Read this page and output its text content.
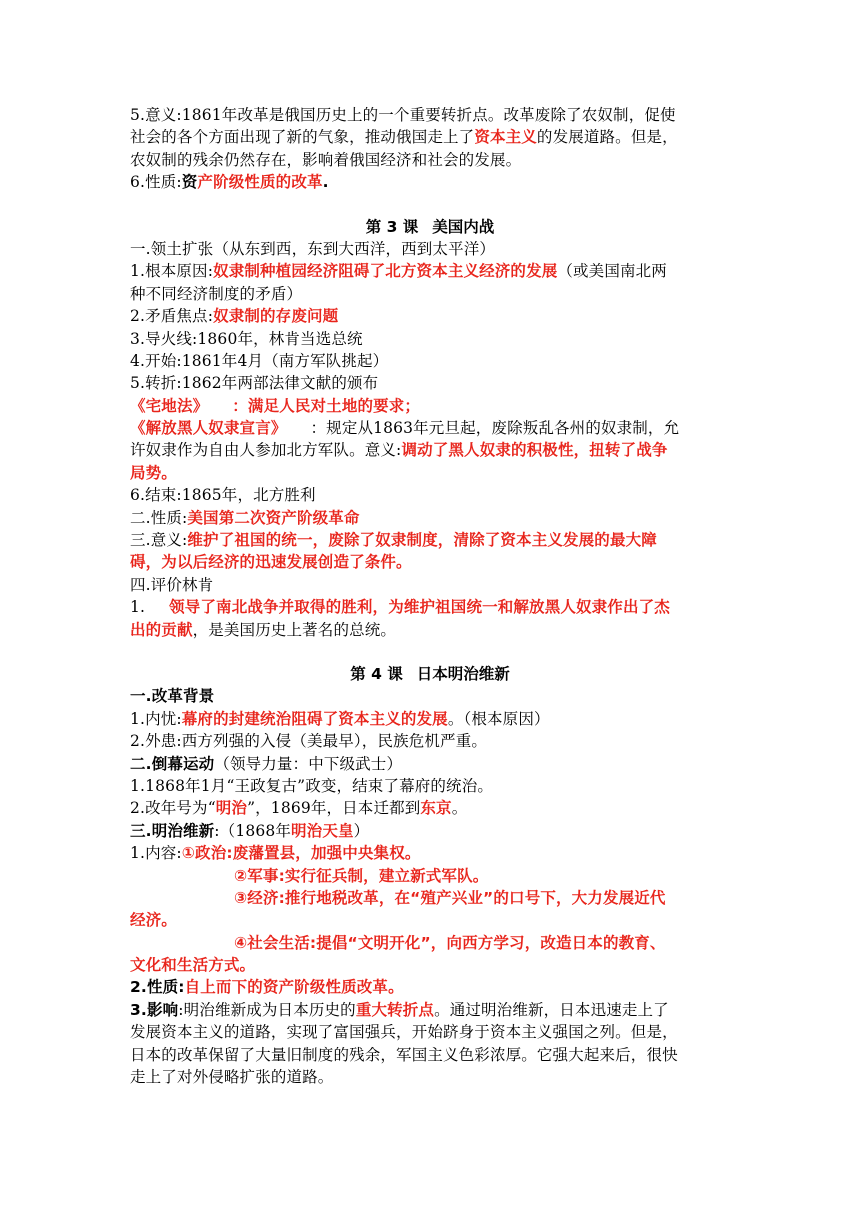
5.意义:1861年改革是俄国历史上的一个重要转折点。改革废除了农奴制，促使
社会的各个方面出现了新的气象，推动俄国走上了资本主义的发展道路。但是，
农奴制的残余仍然存在，影响着俄国经济和社会的发展。
6.性质:资产阶级性质的改革.
第 3 课 美国内战
一.领土扩张（从东到西，东到大西洋，西到太平洋）
1.根本原因:奴隶制种植园经济阻碍了北方资本主义经济的发展（或美国南北两
种不同经济制度的矛盾）
2.矛盾焦点:奴隶制的存废问题
3.导火线:1860年，林肯当选总统
4.开始:1861年4月（南方军队挑起）
5.转折:1862年两部法律文献的颁布
《宅地法》 ：满足人民对土地的要求；
《解放黑人奴隶宣言》 ：规定从1863年元旦起，废除叛乱各州的奴隶制，允
许奴隶作为自由人参加北方军队。意义:调动了黑人奴隶的积极性，扭转了战争
局势。
6.结束:1865年，北方胜利
二.性质:美国第二次资产阶级革命
三.意义:维护了祖国的统一，废除了奴隶制度，清除了资本主义发展的最大障
碍，为以后经济的迅速发展创造了条件。
四.评价林肯
1. 领导了南北战争并取得的胜利，为维护祖国统一和解放黑人奴隶作出了杰
出的贡献，是美国历史上著名的总统。
第 4 课 日本明治维新
一.改革背景
1.内忧:幕府的封建统治阻碍了资本主义的发展。（根本原因）
2.外患:西方列强的入侵（美最早），民族危机严重。
二.倒幕运动（领导力量：中下级武士）
1.1868年1月“王政复古”政变，结束了幕府的统治。
2.改年号为“明治”，1869年，日本迁都到东京。
三.明治维新:（1868年明治天皇）
1.内容:①政治:废藩置县，加强中央集权。
②军事:实行征兵制，建立新式军队。
③经济:推行地税改革，在“殖产兴业”的口号下，大力发展近代
经济。
④社会生活:提倡“文明开化”，向西方学习，改造日本的教育、
文化和生活方式。
2.性质:自上而下的资产阶级性质改革。
3.影响:明治维新成为日本历史的重大转折点。通过明治维新，日本迅速走上了
发展资本主义的道路，实现了富国强兵，开始跻身于资本主义强国之列。但是，
日本的改革保留了大量旧制度的残余，军国主义色彩浓厚。它强大起来后，很快
走上了对外侵略扩张的道路。
